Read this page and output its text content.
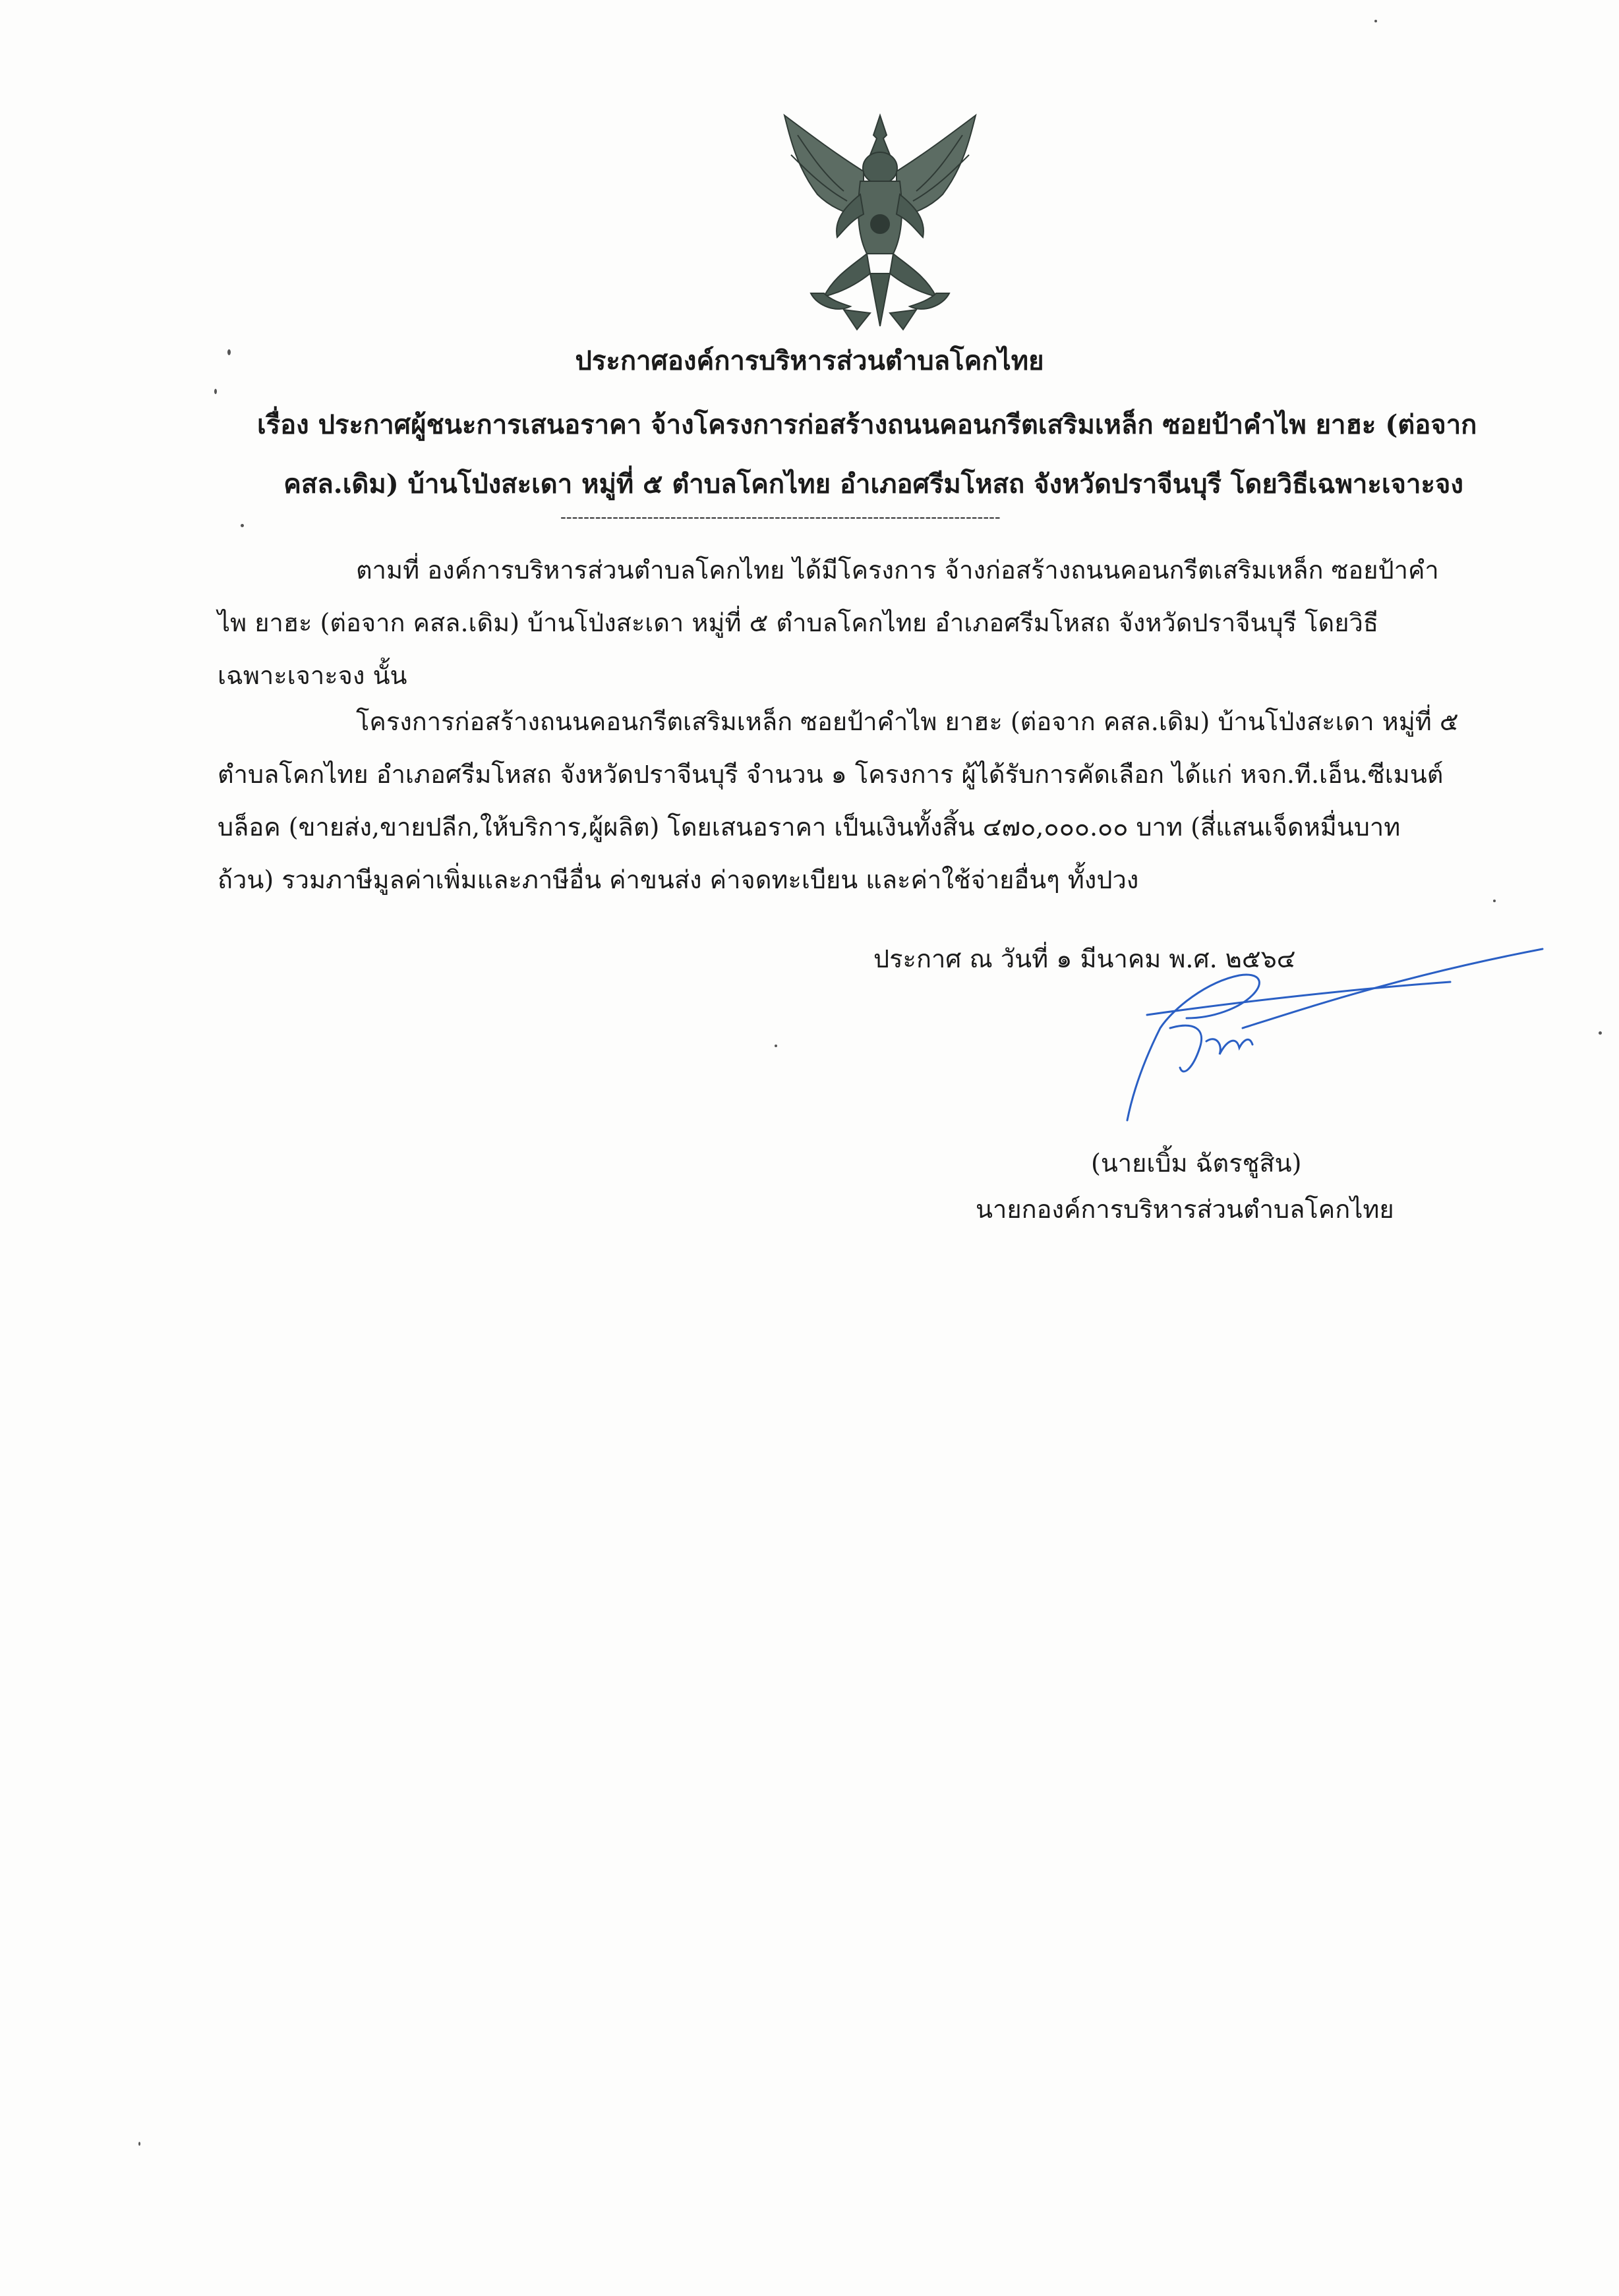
ประกาศองค์การบริหารส่วนตำบลโคกไทย
เรื่อง ประกาศผู้ชนะการเสนอราคา จ้างโครงการก่อสร้างถนนคอนกรีตเสริมเหล็ก ซอยป้าคำไพ ยาฮะ (ต่อจาก
คสล.เดิม) บ้านโป่งสะเดา หมู่ที่ ๕ ตำบลโคกไทย อำเภอศรีมโหสถ จังหวัดปราจีนบุรี โดยวิธีเฉพาะเจาะจง
----------------------------------------------------------------------------
ตามที่ องค์การบริหารส่วนตำบลโคกไทย ได้มีโครงการ จ้างก่อสร้างถนนคอนกรีตเสริมเหล็ก ซอยป้าคำ
ไพ ยาฮะ (ต่อจาก คสล.เดิม) บ้านโป่งสะเดา หมู่ที่ ๕ ตำบลโคกไทย อำเภอศรีมโหสถ จังหวัดปราจีนบุรี โดยวิธี
เฉพาะเจาะจง นั้น
โครงการก่อสร้างถนนคอนกรีตเสริมเหล็ก ซอยป้าคำไพ ยาฮะ (ต่อจาก คสล.เดิม) บ้านโป่งสะเดา หมู่ที่ ๕
ตำบลโคกไทย อำเภอศรีมโหสถ จังหวัดปราจีนบุรี จำนวน ๑ โครงการ ผู้ได้รับการคัดเลือก ได้แก่ หจก.ที.เอ็น.ซีเมนต์
บล็อค (ขายส่ง,ขายปลีก,ให้บริการ,ผู้ผลิต) โดยเสนอราคา เป็นเงินทั้งสิ้น ๔๗๐,๐๐๐.๐๐ บาท (สี่แสนเจ็ดหมื่นบาท
ถ้วน) รวมภาษีมูลค่าเพิ่มและภาษีอื่น ค่าขนส่ง ค่าจดทะเบียน และค่าใช้จ่ายอื่นๆ ทั้งปวง
ประกาศ ณ วันที่ ๑ มีนาคม พ.ศ. ๒๕๖๔
(นายเบิ้ม ฉัตรชูสิน)
นายกองค์การบริหารส่วนตำบลโคกไทย
